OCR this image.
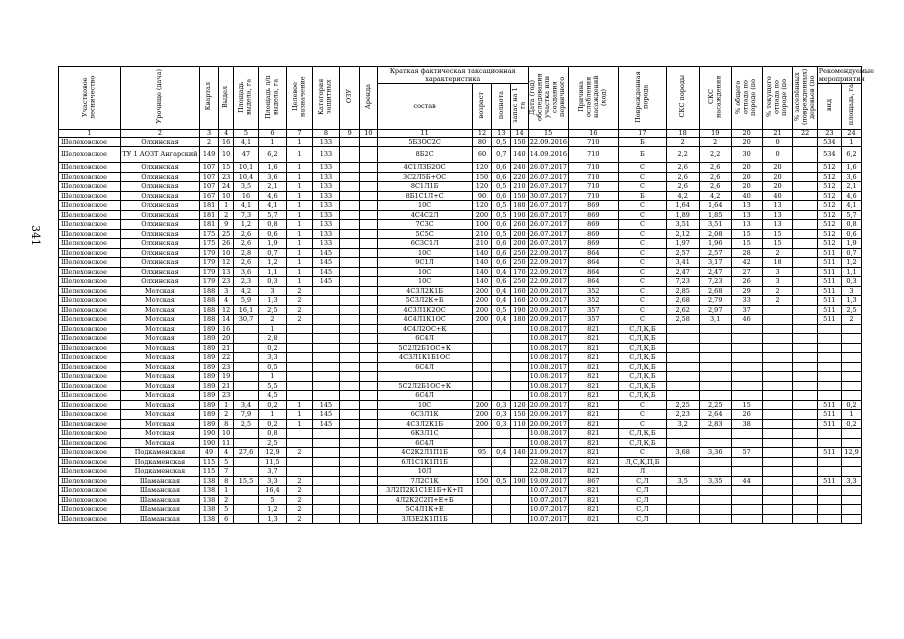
341
Участковое лесничество	Урочище (дача)	Квартал	Выдел	Площадь выдела, га	Площадь л/п выдела, га	Целевое назначение	Категория защитных	ОЗУ	Аренда	Краткая фактическая таксационная характеристика				Дата (год) обследования участка или создания первичного	Причина ослабления насаждений (код)	Поврежденная порода	СКС породы	СКС насаждения	% общего отпада по породе (по	% текущего отпада по породе (по	% заселённых (поврежденных) деревьев (по	Рекомендуемые мероприятия	
										состав	возраст	полнота	запас на 1 га									вид	площадь, га
1	2	3	4	5	6	7	8	9	10	11	12	13	14	15	16	17	18	19	20	21	22	23	24
Шелеховское	Олхинская	2	16	4,1	1	1	133			5Б3ОС2С	80	0,5	150	22.09.2016	710	Б	2	2	20	0		534	1
Шелеховское	ТУ 1 АОЗТ Ангарский	149	10	47	6,2	1	133			8Б2С	60	0,7	140	14.09.2016	710	Б	2,2	2,2	30	0		534	6,2
Шелеховское	Олхинская	107	15	10,1	1,6	1	133			4С1Л3Б2ОС	120	0,6	240	26.07.2017	710	С	2,6	2,6	20	20		512	1,6
Шелеховское	Олхинская	107	23	10,4	3,6	1	133			3С2Л5Б+ОС	150	0,6	220	26.07.2017	710	С	2,6	2,6	20	20		512	3,6
Шелеховское	Олхинская	107	24	3,5	2,1	1	133			8С1Л1Б	120	0,5	210	26.07.2017	710	С	2,6	2,6	20	20		512	2,1
Шелеховское	Олхинская	167	10	16	4,6	1	133			8Б1С1Л+С	90	0,6	150	30.07.2017	710	Б	4,2	4,2	40	40		512	4,6
Шелеховское	Олхинская	181	1	4,1	4,1	1	133			10С	120	0,5	180	26.07.2017	869	С	1,64	1,64	13	13		512	4,1
Шелеховское	Олхинская	181	2	7,3	5,7	1	133			4С4С2Л	200	0,5	190	26.07.2017	869	С	1,89	1,85	13	13		512	5,7
Шелеховское	Олхинская	181	9	1,2	0,8	1	133			7С3С	100	0,6	260	26.07.2017	869	С	3,51	3,51	13	13		512	0,8
Шелеховское	Олхинская	175	25	2,6	0,6	1	133			5С5С	210	0,5	200	26.07.2017	869	С	2,12	2,08	15	15		512	0,6
Шелеховское	Олхинская	175	26	2,6	1,9	1	133			6С3С1Л	210	0,6	200	26.07.2017	869	С	1,97	1,96	15	15		512	1,9
Шелеховское	Олхинская	179	10	2,8	0,7	1	145			10С	140	0,6	250	22.09.2017	864	С	2,57	2,57	28	2		511	0,7
Шелеховское	Олхинская	179	12	2,6	1,2	1	145			9С1Л	140	0,6	250	22.09.2017	864	С	3,41	3,17	42	18		511	1,2
Шелеховское	Олхинская	179	13	3,6	1,1	1	145			10С	140	0,4	170	22.09.2017	864	С	2,47	2,47	27	3		511	1,1
Шелеховское	Олхинская	179	23	2,3	0,3	1	145			10С	140	0,6	250	22.09.2017	864	С	7,23	7,23	26	3		511	0,3
Шелеховское	Мотская	188	3	4,2	3	2				4С3Л2К1Б	200	0,4	160	20.09.2017	352	С	2,85	2,68	29	2		511	3
Шелеховское	Мотская	188	4	5,9	1,3	2				5С3Л2К+Б	200	0,4	160	20.09.2017	352	С	2,68	2,79	33	2		511	1,3
Шелеховское	Мотская	188	12	16,1	2,5	2				4С3Л1К2ОС	200	0,5	190	20.09.2017	357	С	2,62	2,97	37			511	2,5
Шелеховское	Мотская	188	14	30,7	2	2				4С4Л1К1ОС	200	0,4	180	20.09.2017	357	С	2,58	3,1	46			511	2
Шелеховское	Мотская	189	16		1					4С4Л2ОС+К				10.08.2017	821	С,Л,К,Б							
Шелеховское	Мотская	189	20		2,8					6С4Л				10.08.2017	821	С,Л,К,Б							
Шелеховское	Мотская	189	21		0,2					5С2Л2Б1ОС+К				10.08.2017	821	С,Л,К,Б							
Шелеховское	Мотская	189	22		3,3					4С3Л1К1Б1ОС				10.08.2017	821	С,Л,К,Б							
Шелеховское	Мотская	189	23		0,5					6С4Л				10.08.2017	821	С,Л,К,Б							
Шелеховское	Мотская	189	19		1									10.08.2017	821	С,Л,К,Б							
Шелеховское	Мотская	189	21		5,5					5С2Л2Б1ОС+К				10.08.2017	821	С,Л,К,Б							
Шелеховское	Мотская	189	23		4,5					6С4Л				10.08.2017	821	С,Л,К,Б							
Шелеховское	Мотская	189	1	3,4	0,2	1	145			10С	200	0,3	120	20.09.2017	821	С	2,25	2,25	15			511	0,2
Шелеховское	Мотская	189	2	7,9	1	1	145			6С3Л1К	200	0,3	150	20.09.2017	821	С	2,23	2,64	26			511	1
Шелеховское	Мотская	189	8	2,5	0,2	1	145			4С3Л2К1Б	200	0,3	110	20.09.2017	821	С	3,2	2,83	38			511	0,2
Шелеховское	Мотская	190	10		0,8					6К3Л1С				10.08.2017	821	С,Л,К,Б							
Шелеховское	Мотская	190	11		2,5					6С4Л				10.08.2017	821	С,Л,К,Б							
Шелеховское	Подкаменская	49	4	27,6	12,9	2				4С2К2Л1П1Б	95	0,4	140	21.09.2017	821	С	3,68	3,36	57			511	12,9
Шелеховское	Подкаменская	115	5		11,5					6Л1С1К1П1Б				22.08.2017	821	Л,С,К,П,Б							
Шелеховское	Подкаменская	115	7		3,7					10Л				22.08.2017	821	Л							
Шелеховское	Шаманская	138	8	15,5	3,3	2				7Л2С1К	150	0,5	190	19.09.2017	867	С,Л	3,5	3,35	44			511	3,3
Шелеховское	Шаманская	138	1		16,4	2				3Л2П2К1С1Е1Б+К+П				10.07.2017	821	С,Л							
Шелеховское	Шаманская	138	2		5	2				4Л2К2С2П+Е+Б				10.07.2017	821	С,Л							
Шелеховское	Шаманская	138	5		1,2	2				5С4Л1К+Е				10.07.2017	821	С,Л							
Шелеховское	Шаманская	138	6		1,3	2				3Л3Е2К1П1Б				10.07.2017	821	С,Л							
